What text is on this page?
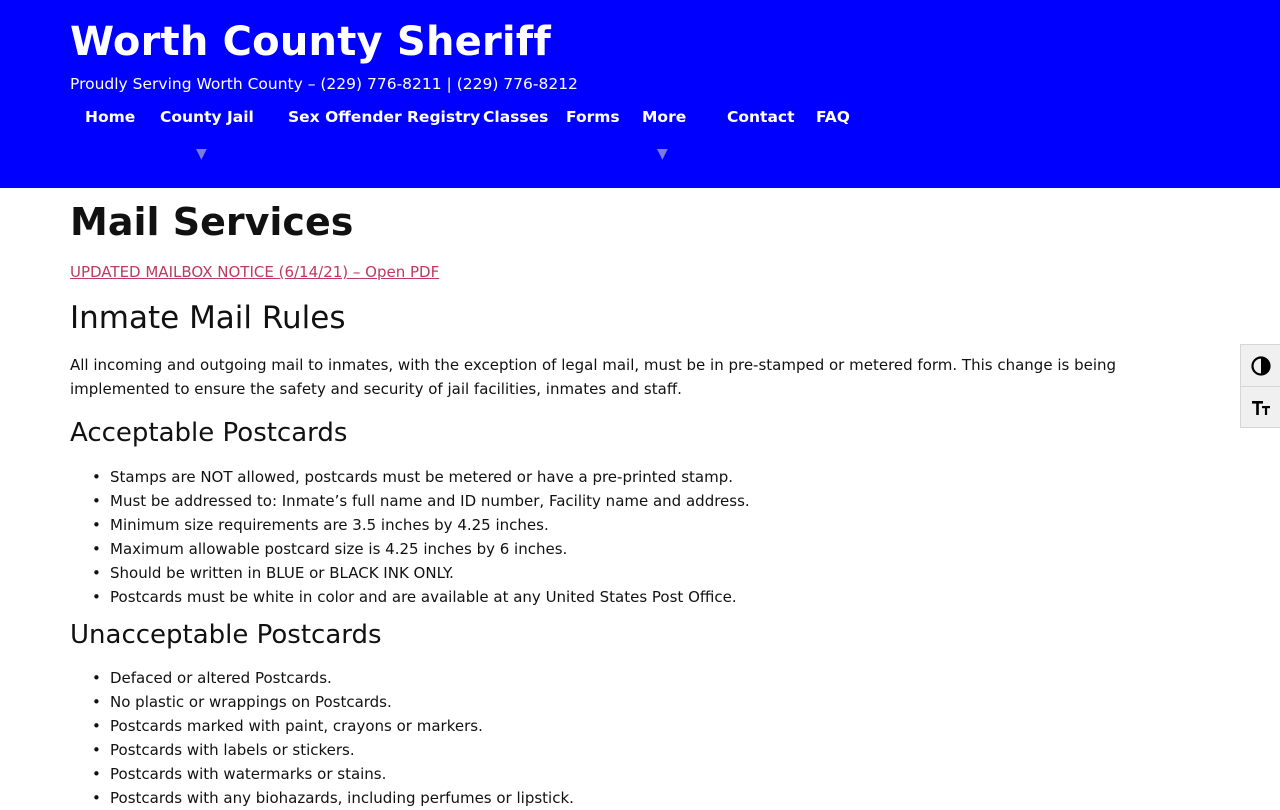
Worth County Sheriff

Proudly Serving Worth County – (229) 776-8211 | (229) 776-8212

Home County Jail
▼
Sex Offender Registry Classes Forms More
▼
Contact FAQ
Mail Services
UPDATED MAILBOX NOTICE (6/14/21) – Open PDF
Inmate Mail Rules

All incoming and outgoing mail to inmates, with the exception of legal mail, must be in pre-stamped or metered form. This change is being implemented to ensure the safety and security of jail facilities, inmates and staff.

Acceptable Postcards
• Stamps are NOT allowed, postcards must be metered or have a pre-printed stamp.
• Must be addressed to: Inmate’s full name and ID number, Facility name and address.
• Minimum size requirements are 3.5 inches by 4.25 inches.
• Maximum allowable postcard size is 4.25 inches by 6 inches.
• Should be written in BLUE or BLACK INK ONLY.
• Postcards must be white in color and are available at any United States Post Office.
Unacceptable Postcards
• Defaced or altered Postcards.
• No plastic or wrappings on Postcards.
• Postcards marked with paint, crayons or markers.
• Postcards with labels or stickers.
• Postcards with watermarks or stains.
• Postcards with any biohazards, including perfumes or lipstick.
